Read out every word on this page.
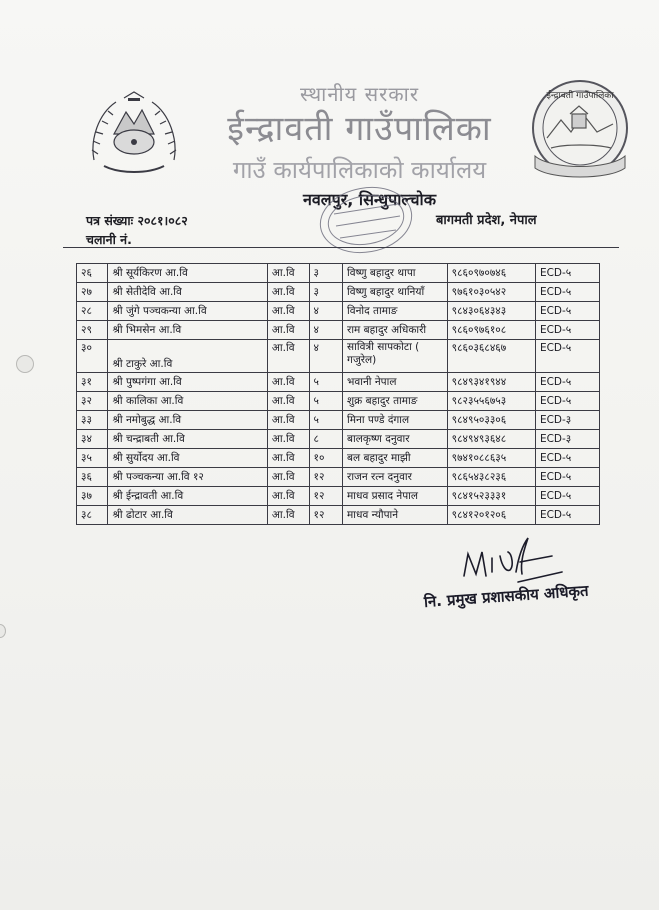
ईन्द्रावती गाउँपालिका
स्थानीय सरकार
ईन्द्रावती गाउँपालिका
गाउँ कार्यपालिकाको कार्यालय
नवलपुर, सिन्धुपाल्चोक
पत्र संख्याः २०८१।०८२
चलानी नं.
बागमती प्रदेश, नेपाल
२६	श्री सूर्यकिरण आ.वि	आ.वि	३	विष्णु बहादुर थापा	९८६०९७०७४६	ECD-५
२७	श्री सेतीदेवि आ.वि	आ.वि	३	विष्णु बहादुर थानियाँ	९७६१०३०५४२	ECD-५
२८	श्री जुंगे पञ्चकन्या आ.वि	आ.वि	४	विनोद तामाङ	९८४३०६४३४३	ECD-५
२९	श्री भिमसेन आ.वि	आ.वि	४	राम बहादुर अधिकारी	९८६०९७६१०८	ECD-५
३०	श्री टाकुरे आ.वि	आ.वि	४	सावित्री सापकोटा ( गजुरेल)	९८६०३६८४६७	ECD-५
३१	श्री पुष्पगंगा आ.वि	आ.वि	५	भवानी नेपाल	९८४९३४१९४४	ECD-५
३२	श्री कालिका आ.वि	आ.वि	५	शुक्र बहादुर तामाङ	९८२३५५६७५३	ECD-५
३३	श्री नमोबुद्ध आ.वि	आ.वि	५	मिना पण्डे दंगाल	९८४९५०३३०६	ECD-३
३४	श्री चन्द्राबती आ.वि	आ.वि	८	बालकृष्ण दनुवार	९८४९४९३६४८	ECD-३
३५	श्री सुर्योदय आ.वि	आ.वि	१०	बल बहादुर माझी	९७४१०८८६३५	ECD-५
३६	श्री पञ्चकन्या आ.वि १२	आ.वि	१२	राजन रत्न दनुवार	९८६५४३८२३६	ECD-५
३७	श्री ईन्द्रावती आ.वि	आ.वि	१२	माधव प्रसाद नेपाल	९८४१५२३३३१	ECD-५
३८	श्री ढोटार आ.वि	आ.वि	१२	माधव न्यौपाने	९८४१२०१२०६	ECD-५
नि. प्रमुख प्रशासकीय अधिकृत
